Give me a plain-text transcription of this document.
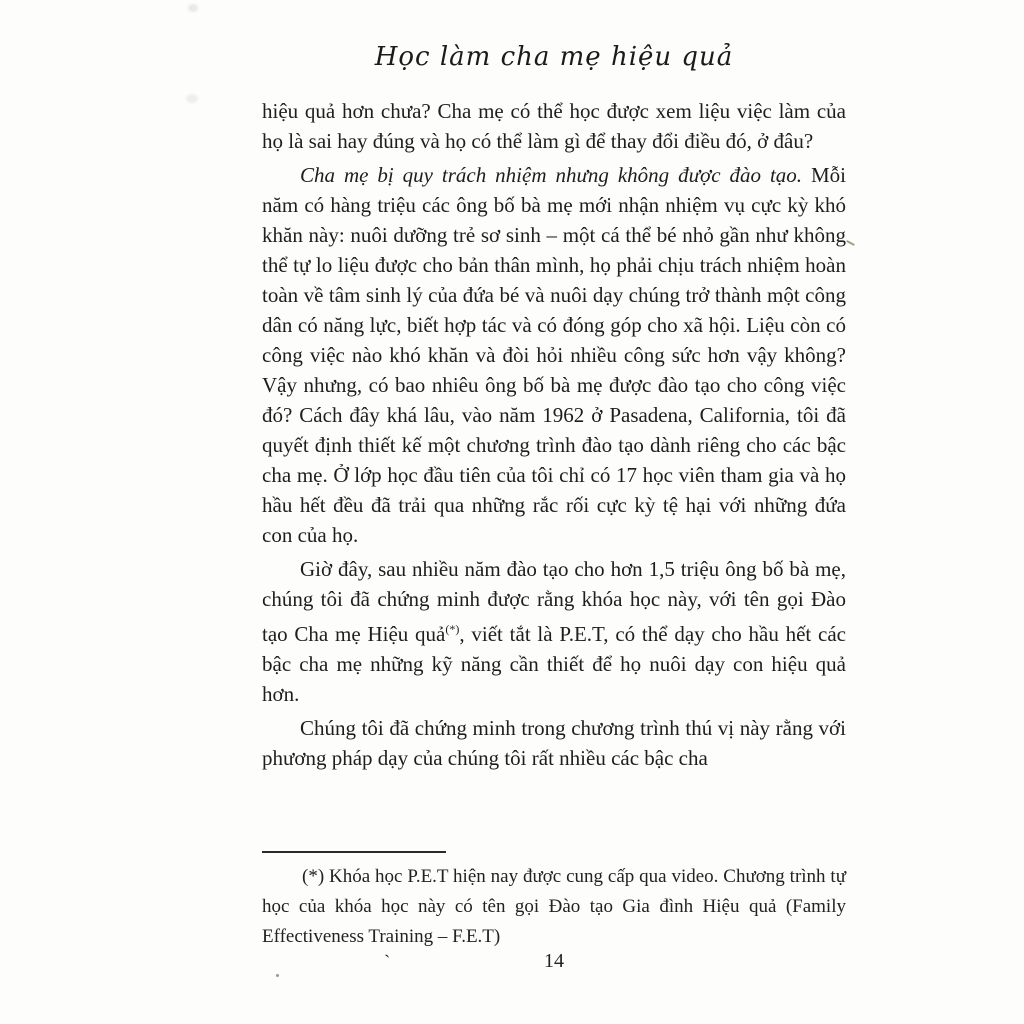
Học làm cha mẹ hiệu quả

hiệu quả hơn chưa? Cha mẹ có thể học được xem liệu việc làm của họ là sai hay đúng và họ có thể làm gì để thay đổi điều đó, ở đâu?

Cha mẹ bị quy trách nhiệm nhưng không được đào tạo. Mỗi năm có hàng triệu các ông bố bà mẹ mới nhận nhiệm vụ cực kỳ khó khăn này: nuôi dưỡng trẻ sơ sinh – một cá thể bé nhỏ gần như không thể tự lo liệu được cho bản thân mình, họ phải chịu trách nhiệm hoàn toàn về tâm sinh lý của đứa bé và nuôi dạy chúng trở thành một công dân có năng lực, biết hợp tác và có đóng góp cho xã hội. Liệu còn có công việc nào khó khăn và đòi hỏi nhiều công sức hơn vậy không? Vậy nhưng, có bao nhiêu ông bố bà mẹ được đào tạo cho công việc đó? Cách đây khá lâu, vào năm 1962 ở Pasadena, California, tôi đã quyết định thiết kế một chương trình đào tạo dành riêng cho các bậc cha mẹ. Ở lớp học đầu tiên của tôi chỉ có 17 học viên tham gia và họ hầu hết đều đã trải qua những rắc rối cực kỳ tệ hại với những đứa con của họ.

Giờ đây, sau nhiều năm đào tạo cho hơn 1,5 triệu ông bố bà mẹ, chúng tôi đã chứng minh được rằng khóa học này, với tên gọi Đào tạo Cha mẹ Hiệu quả(*), viết tắt là P.E.T, có thể dạy cho hầu hết các bậc cha mẹ những kỹ năng cần thiết để họ nuôi dạy con hiệu quả hơn.

Chúng tôi đã chứng minh trong chương trình thú vị này rằng với phương pháp dạy của chúng tôi rất nhiều các bậc cha

(*) Khóa học P.E.T hiện nay được cung cấp qua video. Chương trình tự học của khóa học này có tên gọi Đào tạo Gia đình Hiệu quả (Family Effectiveness Training – F.E.T)
14
`
